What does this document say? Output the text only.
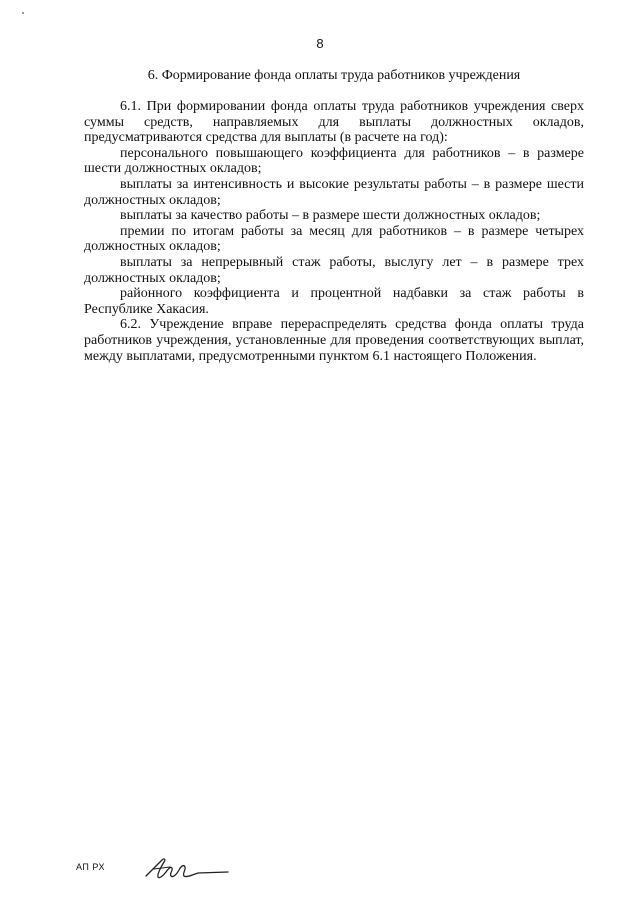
8
6. Формирование фонда оплаты труда работников учреждения

6.1. При формировании фонда оплаты труда работников учреждения сверх суммы средств, направляемых для выплаты должностных окладов, предусматриваются средства для выплаты (в расчете на год):

персонального повышающего коэффициента для работников – в размере шести должностных окладов;

выплаты за интенсивность и высокие результаты работы – в размере шести должностных окладов;

выплаты за качество работы – в размере шести должностных окладов;

премии по итогам работы за месяц для работников – в размере четырех должностных окладов;

выплаты за непрерывный стаж работы, выслугу лет – в размере трех должностных окладов;

районного коэффициента и процентной надбавки за стаж работы в Республике Хакасия.

6.2. Учреждение вправе перераспределять средства фонда оплаты труда работников учреждения, установленные для проведения соответствующих выплат, между выплатами, предусмотренными пунктом 6.1 настоящего Положения.

АП РХ
